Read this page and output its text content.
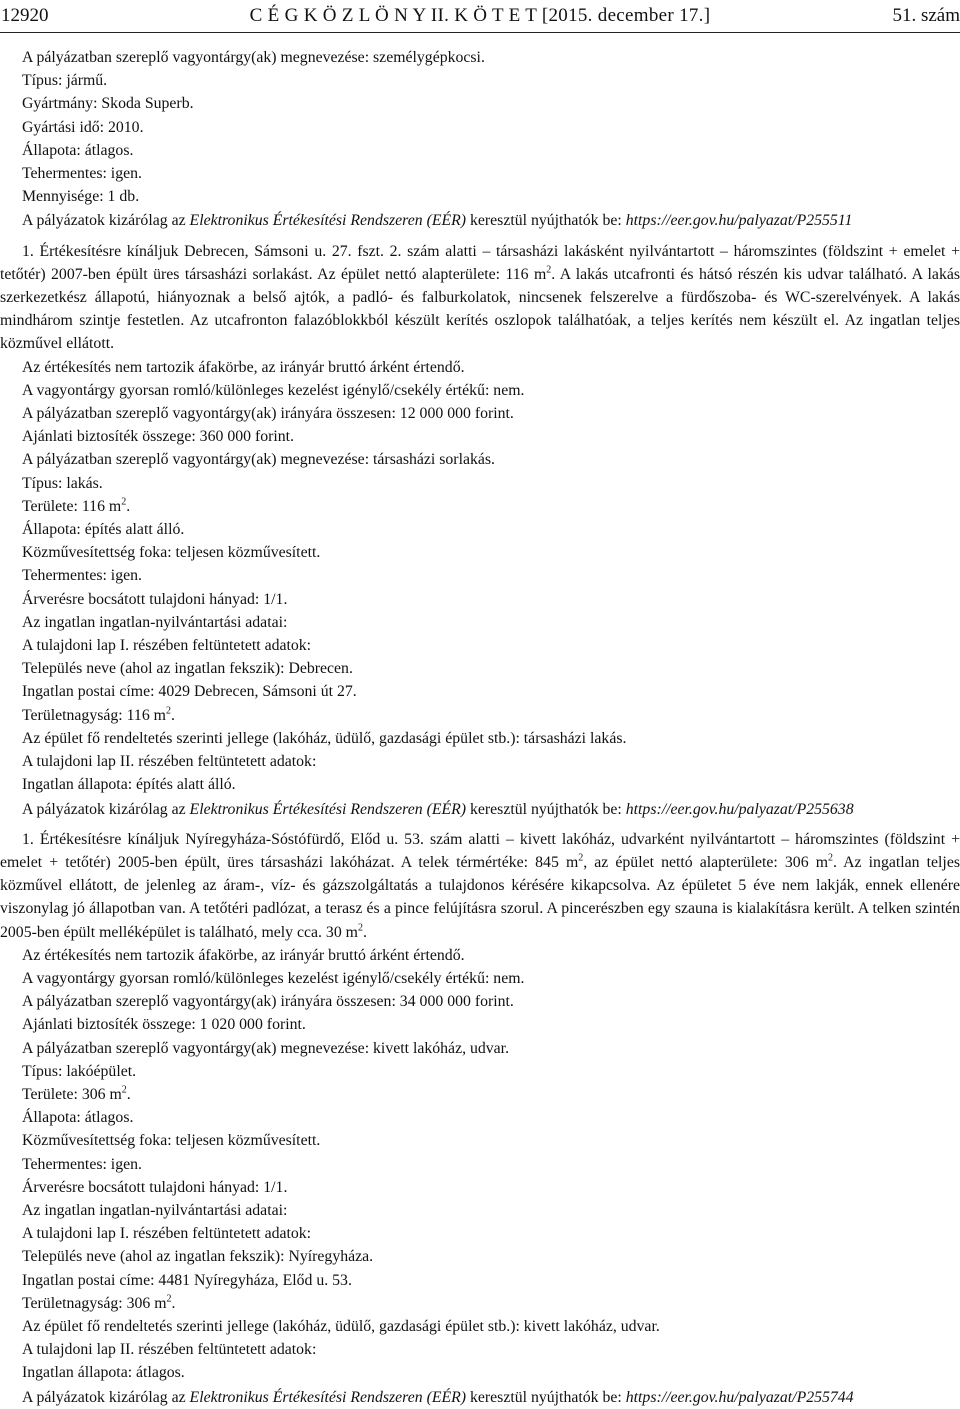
12920	C É G K Ö Z L Ö N Y II. K Ö T E T [2015. december 17.]	51. szám
A pályázatban szereplő vagyontárgy(ak) megnevezése: személygépkocsi.
Típus: jármű.
Gyártmány: Skoda Superb.
Gyártási idő: 2010.
Állapota: átlagos.
Tehermentes: igen.
Mennyisége: 1 db.
A pályázatok kizárólag az Elektronikus Értékesítési Rendszeren (EÉR) keresztül nyújthatók be: https://eer.gov.hu/palyazat/P255511
1. Értékesítésre kínáljuk Debrecen, Sámsoni u. 27. fszt. 2. szám alatti – társasházi lakásként nyilvántartott – háromszintes (földszint + emelet + tetőtér) 2007-ben épült üres társasházi sorlakást. Az épület nettó alapterülete: 116 $m^2$. A lakás utcafronti és hátsó részén kis udvar található. A lakás szerkezetkész állapotú, hiányoznak a belső ajtók, a padló- és falburkolatok, nincsenek felszerelve a fürdőszoba- és WC-szerelvények. A lakás mindhárom szintje festetlen. Az utcafronton falazóblokkból készült kerítés oszlopok találhatóak, a teljes kerítés nem készült el. Az ingatlan teljes közművel ellátott.
Az értékesítés nem tartozik áfakörbe, az irányár bruttó árként értendő.
A vagyontárgy gyorsan romló/különleges kezelést igénylő/csekély értékű: nem.
A pályázatban szereplő vagyontárgy(ak) irányára összesen: 12 000 000 forint.
Ajánlati biztosíték összege: 360 000 forint.
A pályázatban szereplő vagyontárgy(ak) megnevezése: társasházi sorlakás.
Típus: lakás.
Területe: 116 $m^2$.
Állapota: építés alatt álló.
Közművesítettség foka: teljesen közművesített.
Tehermentes: igen.
Árverésre bocsátott tulajdoni hányad: 1/1.
Az ingatlan ingatlan-nyilvántartási adatai:
A tulajdoni lap I. részében feltüntetett adatok:
Település neve (ahol az ingatlan fekszik): Debrecen.
Ingatlan postai címe: 4029 Debrecen, Sámsoni út 27.
Területnagyság: 116 $m^2$.
Az épület fő rendeltetés szerinti jellege (lakóház, üdülő, gazdasági épület stb.): társasházi lakás.
A tulajdoni lap II. részében feltüntetett adatok:
Ingatlan állapota: építés alatt álló.
A pályázatok kizárólag az Elektronikus Értékesítési Rendszeren (EÉR) keresztül nyújthatók be: https://eer.gov.hu/palyazat/P255638
1. Értékesítésre kínáljuk Nyíregyháza-Sóstófürdő, Előd u. 53. szám alatti – kivett lakóház, udvarként nyilvántartott – háromszintes (földszint + emelet + tetőtér) 2005-ben épült, üres társasházi lakóházat. A telek térmértéke: 845 $m^2$, az épület nettó alapterülete: 306 $m^2$. Az ingatlan teljes közművel ellátott, de jelenleg az áram-, víz- és gázszolgáltatás a tulajdonos kérésére kikapcsolva. Az épületet 5 éve nem lakják, ennek ellenére viszonylag jó állapotban van. A tetőtéri padlózat, a terasz és a pince felújításra szorul. A pincerészben egy szauna is kialakításra került. A telken szintén 2005-ben épült melléképület is található, mely cca. 30 $m^2$.
Az értékesítés nem tartozik áfakörbe, az irányár bruttó árként értendő.
A vagyontárgy gyorsan romló/különleges kezelést igénylő/csekély értékű: nem.
A pályázatban szereplő vagyontárgy(ak) irányára összesen: 34 000 000 forint.
Ajánlati biztosíték összege: 1 020 000 forint.
A pályázatban szereplő vagyontárgy(ak) megnevezése: kivett lakóház, udvar.
Típus: lakóépület.
Területe: 306 $m^2$.
Állapota: átlagos.
Közművesítettség foka: teljesen közművesített.
Tehermentes: igen.
Árverésre bocsátott tulajdoni hányad: 1/1.
Az ingatlan ingatlan-nyilvántartási adatai:
A tulajdoni lap I. részében feltüntetett adatok:
Település neve (ahol az ingatlan fekszik): Nyíregyháza.
Ingatlan postai címe: 4481 Nyíregyháza, Előd u. 53.
Területnagyság: 306 $m^2$.
Az épület fő rendeltetés szerinti jellege (lakóház, üdülő, gazdasági épület stb.): kivett lakóház, udvar.
A tulajdoni lap II. részében feltüntetett adatok:
Ingatlan állapota: átlagos.
A pályázatok kizárólag az Elektronikus Értékesítési Rendszeren (EÉR) keresztül nyújthatók be: https://eer.gov.hu/palyazat/P255744
